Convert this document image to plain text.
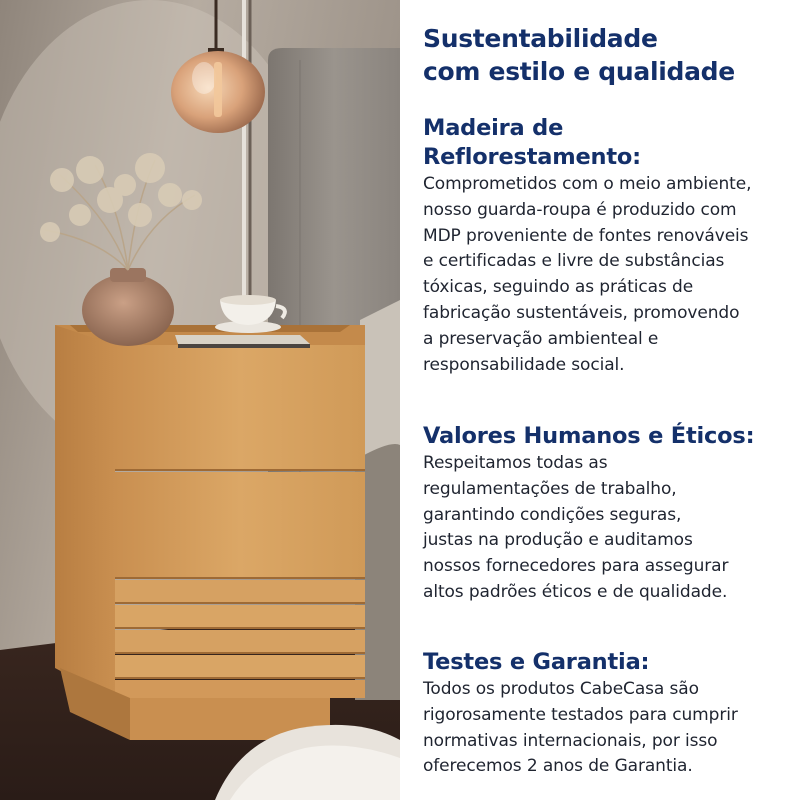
Sustentabilidade
com estilo e qualidade
Madeira de
Reflorestamento:

Comprometidos com o meio ambiente,
nosso guarda-roupa é produzido com
MDP proveniente de fontes renováveis
e certificadas e livre de substâncias
tóxicas, seguindo as práticas de
fabricação sustentáveis, promovendo
a preservação ambienteal e
responsabilidade social.

Valores Humanos e Éticos:

Respeitamos todas as
regulamentações de trabalho,
garantindo condições seguras,
justas na produção e auditamos
nossos fornecedores para assegurar
altos padrões éticos e de qualidade.

Testes e Garantia:

Todos os produtos CabeCasa são
rigorosamente testados para cumprir
normativas internacionais, por isso
oferecemos 2 anos de Garantia.
